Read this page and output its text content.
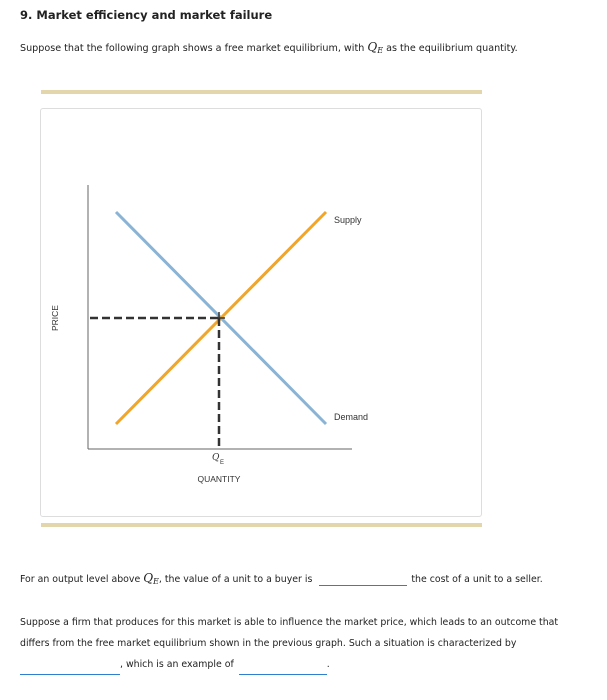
9. Market efficiency and market failure
Suppose that the following graph shows a free market equilibrium, with $Q_E$ as the equilibrium quantity.
Supply
Demand
PRICE
QUANTITY
Q E
For an output level above $Q_E$, the value of a unit to a buyer is	the cost of a unit to a seller.
Suppose a firm that produces for this market is able to influence the market price, which leads to an outcome that
differs from the free market equilibrium shown in the previous graph. Such a situation is characterized by
, which is an example of	.
